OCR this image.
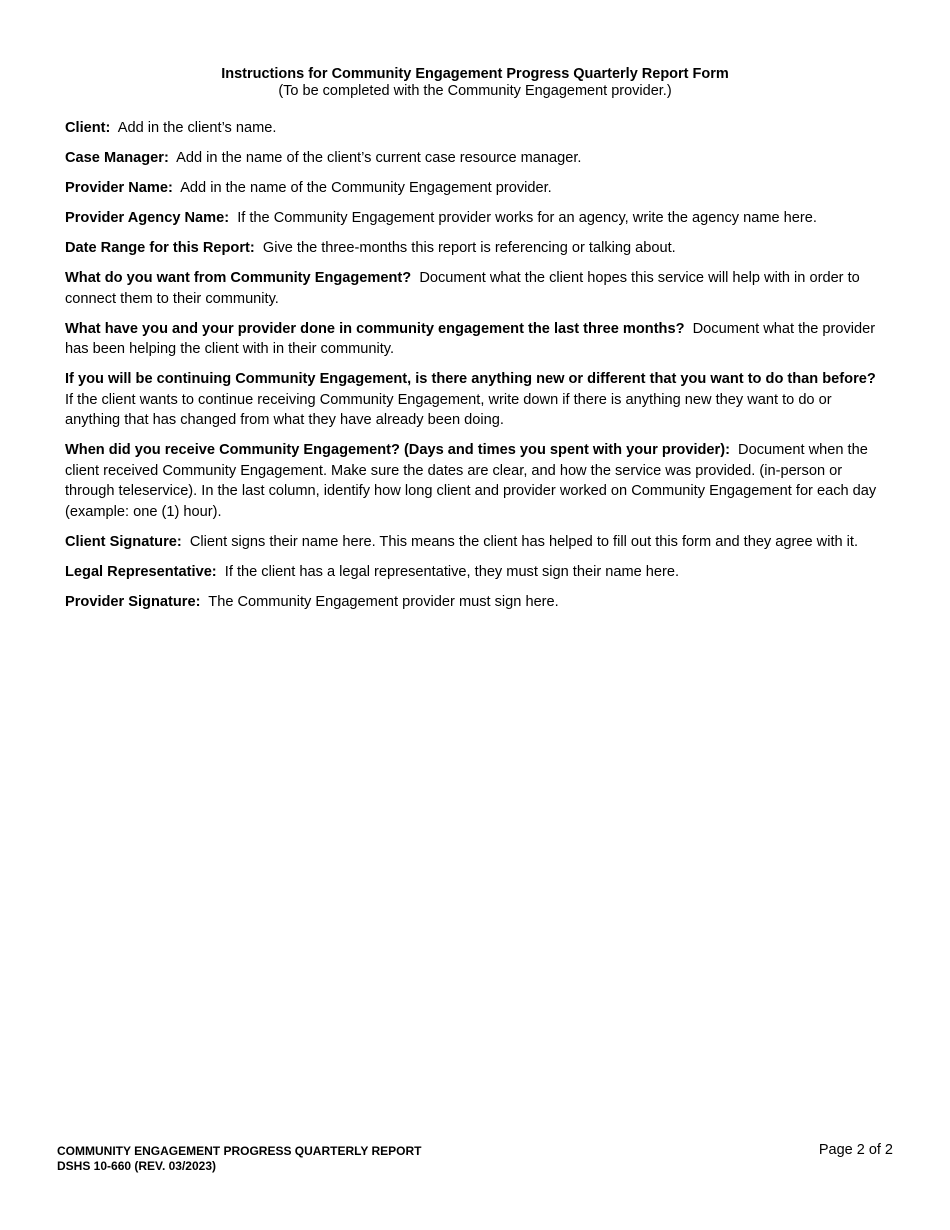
Instructions for Community Engagement Progress Quarterly Report Form
(To be completed with the Community Engagement provider.)

Client: Add in the client’s name.

Case Manager: Add in the name of the client’s current case resource manager.

Provider Name: Add in the name of the Community Engagement provider.

Provider Agency Name: If the Community Engagement provider works for an agency, write the agency name here.

Date Range for this Report: Give the three-months this report is referencing or talking about.

What do you want from Community Engagement? Document what the client hopes this service will help with in order to connect them to their community.

What have you and your provider done in community engagement the last three months? Document what the provider has been helping the client with in their community.

If you will be continuing Community Engagement, is there anything new or different that you want to do than before?  If the client wants to continue receiving Community Engagement, write down if there is anything new they want to do or anything that has changed from what they have already been doing.

When did you receive Community Engagement? (Days and times you spent with your provider): Document when the client received Community Engagement. Make sure the dates are clear, and how the service was provided. (in-person or through teleservice). In the last column, identify how long client and provider worked on Community Engagement for each day (example: one (1) hour).

Client Signature: Client signs their name here. This means the client has helped to fill out this form and they agree with it.

Legal Representative: If the client has a legal representative, they must sign their name here.

Provider Signature: The Community Engagement provider must sign here.

COMMUNITY ENGAGEMENT PROGRESS QUARTERLY REPORT
DSHS 10-660 (REV. 03/2023)
Page 2 of 2
